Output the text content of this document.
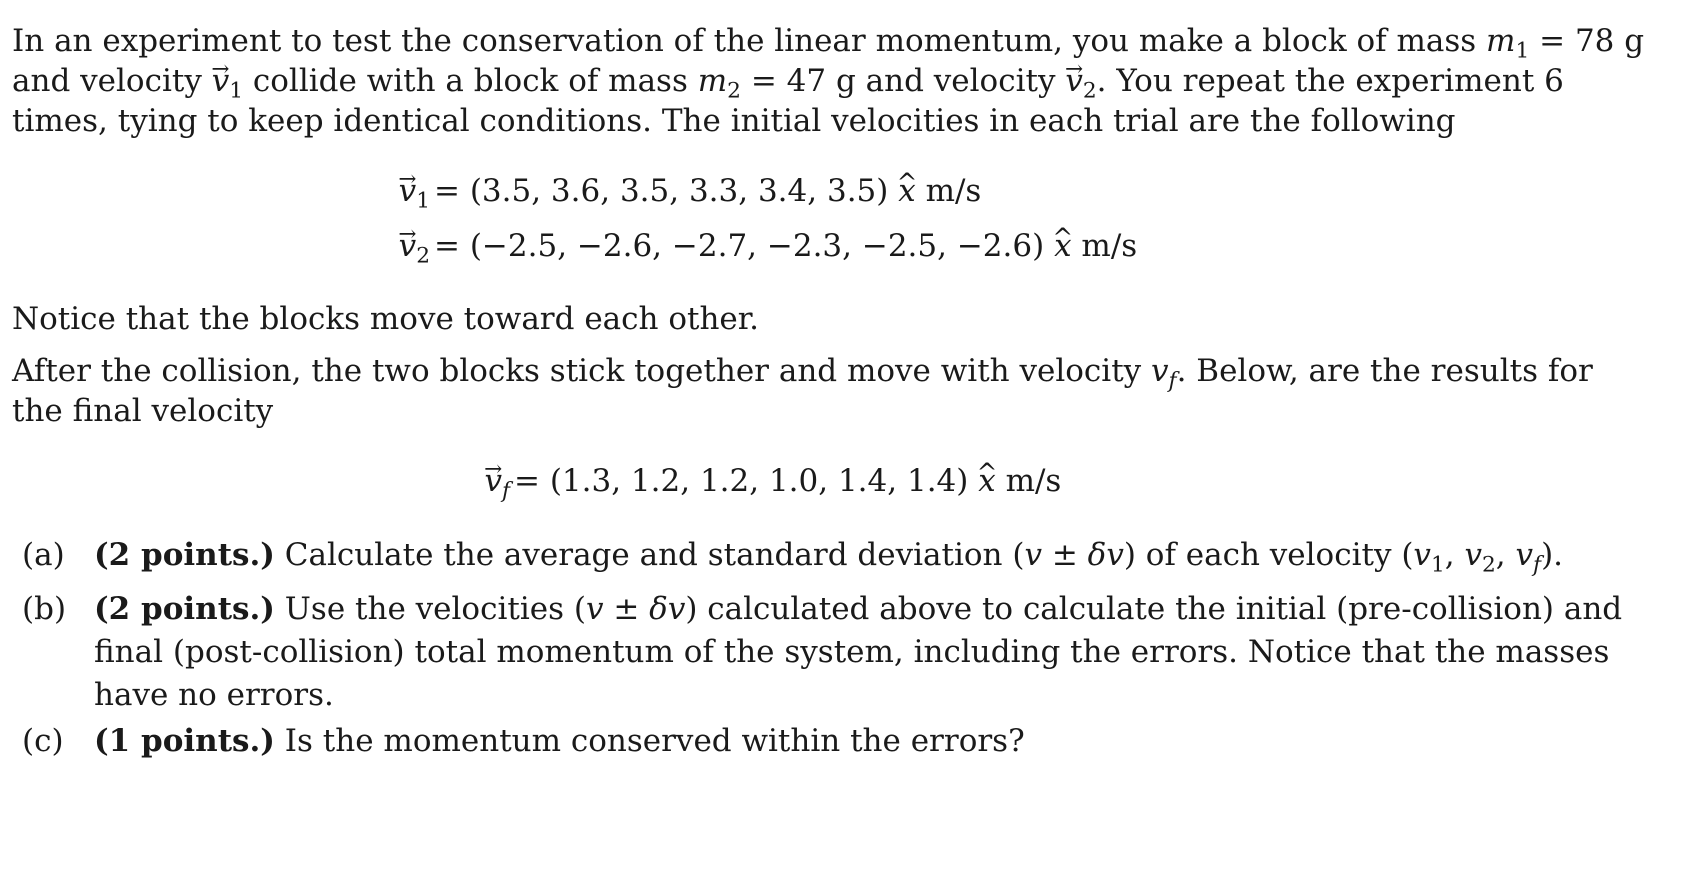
In an experiment to test the conservation of the linear momentum, you make a block of mass $m_1 = 78$ g
and velocity → $v_1$ collide with a block of mass $m_2 = 47$ g and velocity → $v_2$. You repeat the experiment 6
times, tying to keep identical conditions. The initial velocities in each trial are the following
→ $v_1 = (3.5$, 3.6, 3.5, 3.3, 3.4, 3.5) ^ x m/s
→ $v_2 = (-2.5$, −2.6, −2.7, −2.3, −2.5, −2.6) ^ x m/s
Notice that the blocks move toward each other.
After the collision, the two blocks stick together and move with velocity $v_f$. Below, are the results for
the final velocity
→ $v_f = (1.3$, 1.2, 1.2, 1.0, 1.4, 1.4) ^ x m/s
(a) (2 points.) Calculate the average and standard deviation (v ± δv) of each velocity ($v_1$, $v_2$, $v_f$).
(b) (2 points.) Use the velocities (v ± δv) calculated above to calculate the initial (pre-collision) and
final (post-collision) total momentum of the system, including the errors. Notice that the masses
have no errors.
(c) (1 points.) Is the momentum conserved within the errors?
